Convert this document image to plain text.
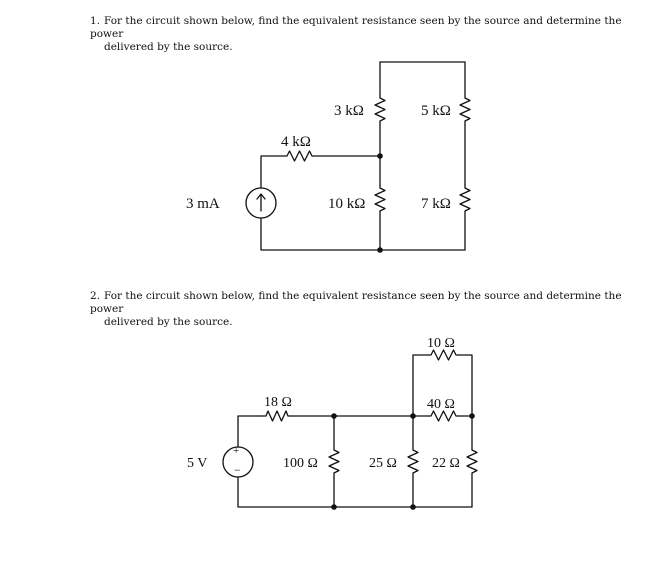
1. For the circuit shown below, find the equivalent resistance seen by the source and determine the power
delivered by the source.
2. For the circuit shown below, find the equivalent resistance seen by the source and determine the power
delivered by the source.
3 mA
4 kΩ
3 kΩ	5 kΩ
10 kΩ	7 kΩ
5 V
+
−
18 Ω
10 Ω
40 Ω
100 Ω	25 Ω	22 Ω
